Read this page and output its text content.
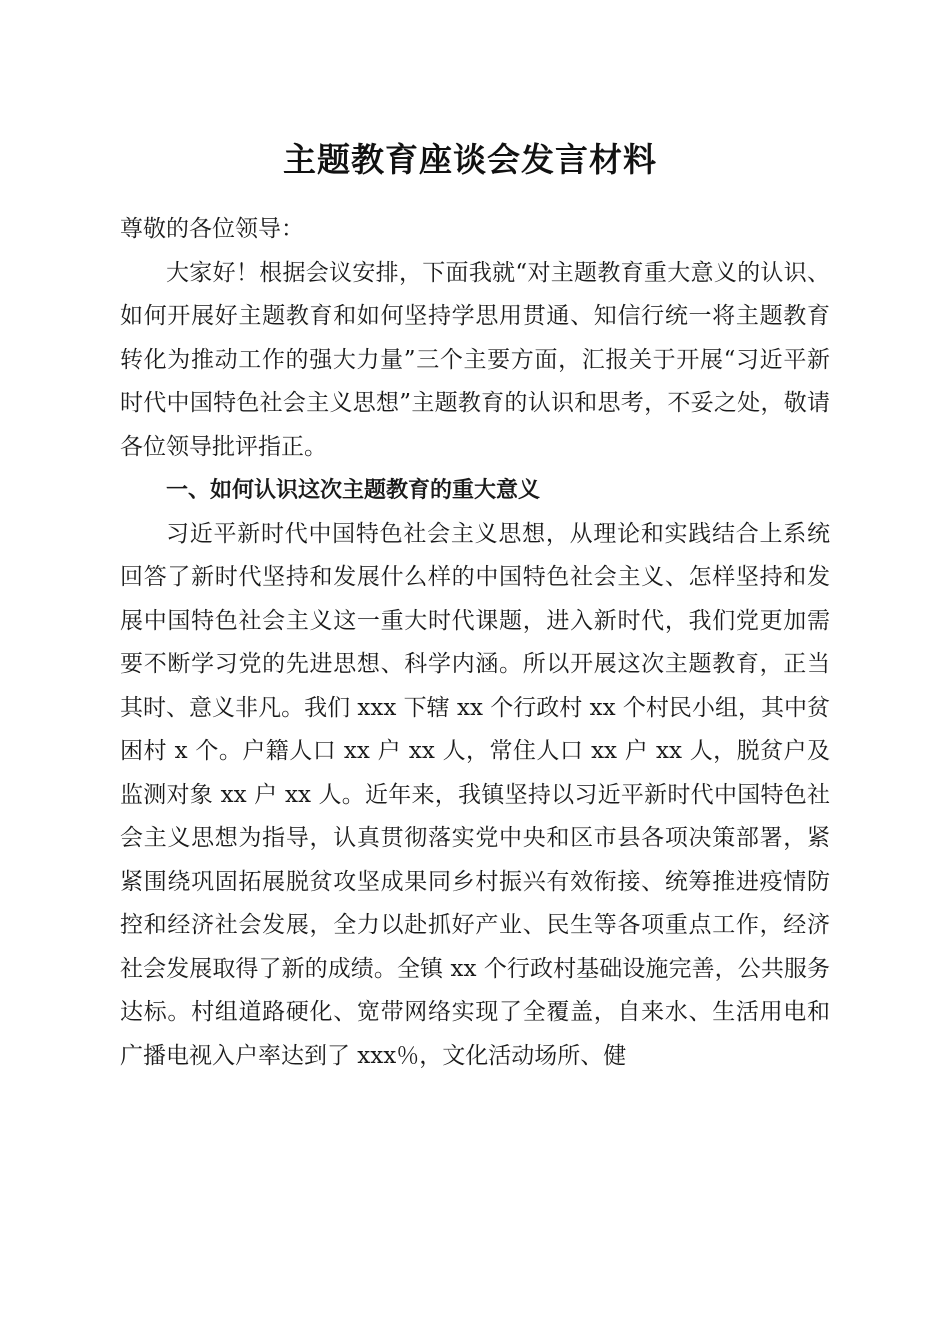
主题教育座谈会发言材料

尊敬的各位领导：

大家好！根据会议安排，下面我就“对主题教育重大意义的认识、如何开展好主题教育和如何坚持学思用贯通、知信行统一将主题教育转化为推动工作的强大力量”三个主要方面，汇报关于开展“习近平新时代中国特色社会主义思想”主题教育的认识和思考，不妥之处，敬请各位领导批评指正。

一、如何认识这次主题教育的重大意义

习近平新时代中国特色社会主义思想，从理论和实践结合上系统回答了新时代坚持和发展什么样的中国特色社会主义、怎样坚持和发展中国特色社会主义这一重大时代课题，进入新时代，我们党更加需要不断学习党的先进思想、科学内涵。所以开展这次主题教育，正当其时、意义非凡。我们 xxx 下辖 xx 个行政村 xx 个村民小组，其中贫困村 x 个。户籍人口 xx 户 xx 人，常住人口 xx 户 xx 人，脱贫户及监测对象 xx 户 xx 人。近年来，我镇坚持以习近平新时代中国特色社会主义思想为指导，认真贯彻落实党中央和区市县各项决策部署，紧紧围绕巩固拓展脱贫攻坚成果同乡村振兴有效衔接、统筹推进疫情防控和经济社会发展，全力以赴抓好产业、民生等各项重点工作，经济社会发展取得了新的成绩。全镇 xx 个行政村基础设施完善，公共服务达标。村组道路硬化、宽带网络实现了全覆盖，自来水、生活用电和广播电视入户率达到了 xxx％，文化活动场所、健
